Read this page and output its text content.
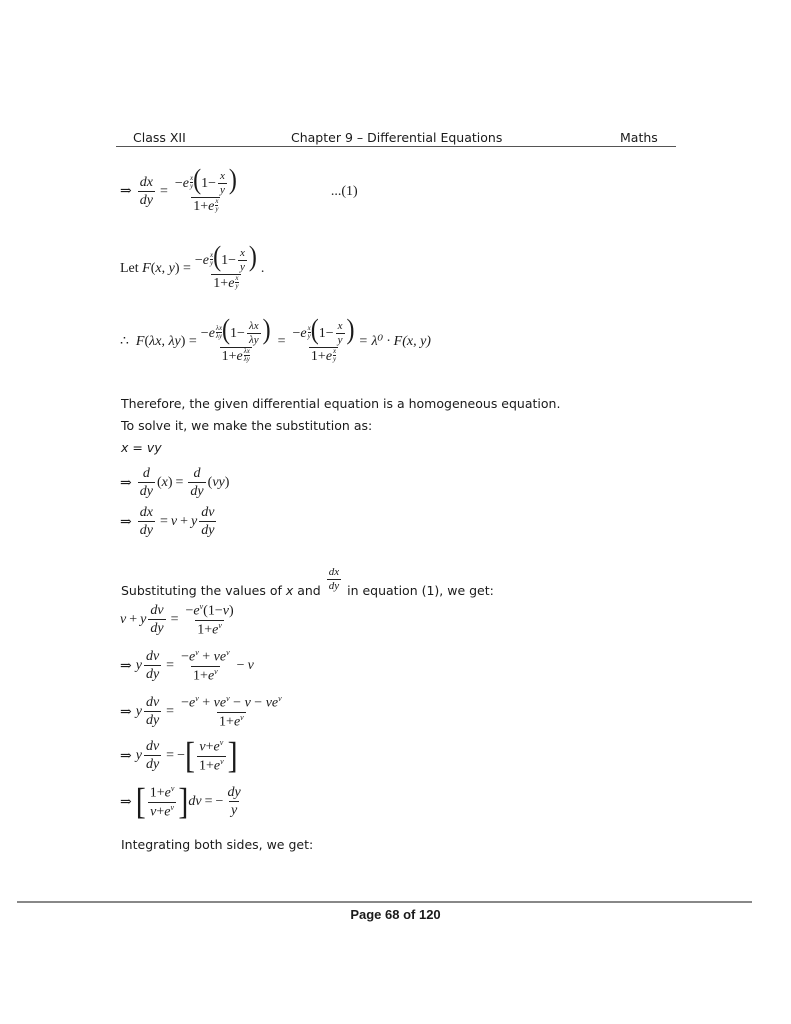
Class XII	Chapter 9 – Differential Equations	Maths
⇒ $\frac{dx}{dy} = \frac{-e \frac{x}{y} (1- \frac{x}{y} )}{1+e \frac{x}{y}}$	...(1)
Let F(x, $y) = \frac{-e \frac{x}{y} (1- \frac{x}{y} )}{1+e \frac{x}{y}}$ .
∴  F(λx, $\lambda y) = \frac{-e \frac{\lambda x}{\lambda y} (1- \frac{\lambda x}{\lambda y} )}{1+e \frac{\lambda x}{\lambda y}} = \frac{-e \frac{x}{y} (1- \frac{x}{y} )}{1+e \frac{x}{y}} = \lambda^0 \cdot F(x$, y)
Therefore, the given differential equation is a homogeneous equation.
To solve it, we make the substitution as:
x = vy
⇒ $\frac{d}{dy}$ ( x ) = $\frac{d}{dy}$ ( vy )
⇒ $\frac{dx}{dy} = v + y \frac{dv}{dy}$
Substituting the values of x and $\frac{dx}{dy}$ in equation (1), we get:
v + y $\frac{dv}{dy} = \frac{-e^v(1-v)}{1+e^v}$
⇒ y $\frac{dv}{dy} = \frac{-e^v + ve^v}{1+e^v} - v$
⇒ y $\frac{dv}{dy} = \frac{-e^v + ve^v - v - ve^v}{1+e^v}$
⇒ y $\frac{dv}{dy}$ = − [ $\frac{v+e^v}{1+e^v}$ ]
⇒ [ $\frac{1+e^v}{v+e^v}$ ] dv = − $\frac{dy}{y}$
Integrating both sides, we get:
Page 68 of 120
